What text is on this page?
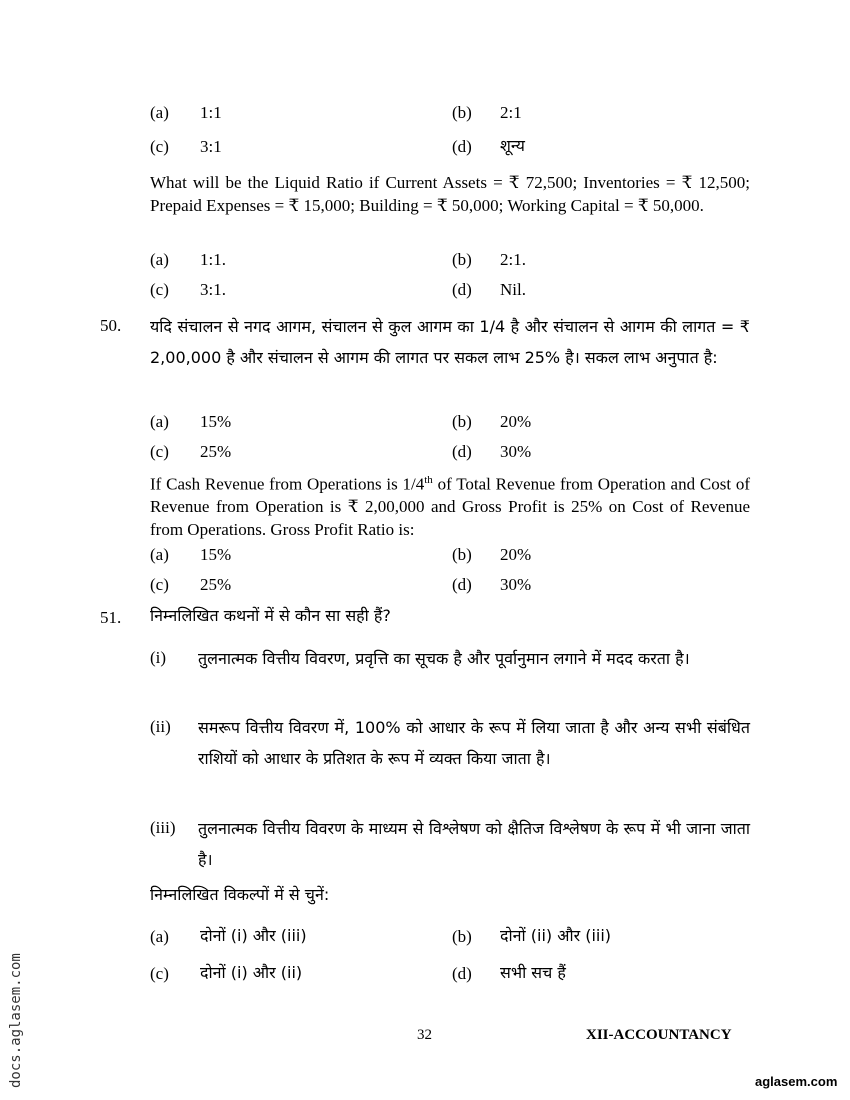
(a) 1:1	(b) 2:1
(c) 3:1	(d) शून्य
What will be the Liquid Ratio if Current Assets = ₹ 72,500; Inventories = ₹ 12,500; Prepaid Expenses = ₹ 15,000; Building = ₹ 50,000; Working Capital = ₹ 50,000.
(a) 1:1.	(b) 2:1.
(c) 3:1.	(d) Nil.
50. यदि संचालन से नगद आगम, संचालन से कुल आगम का 1/4 है और संचालन से आगम की लागत = ₹ 2,00,000 है और संचालन से आगम की लागत पर सकल लाभ 25% है। सकल लाभ अनुपात है:
(a) 15%	(b) 20%
(c) 25%	(d) 30%
If Cash Revenue from Operations is 1/4th of Total Revenue from Operation and Cost of Revenue from Operation is ₹ 2,00,000 and Gross Profit is 25% on Cost of Revenue from Operations. Gross Profit Ratio is:
(a) 15%	(b) 20%
(c) 25%	(d) 30%
51. निम्नलिखित कथनों में से कौन सा सही हैं?
(i) तुलनात्मक वित्तीय विवरण, प्रवृत्ति का सूचक है और पूर्वानुमान लगाने में मदद करता है।
(ii) समरूप वित्तीय विवरण में, 100% को आधार के रूप में लिया जाता है और अन्य सभी संबंधित राशियों को आधार के प्रतिशत के रूप में व्यक्त किया जाता है।
(iii) तुलनात्मक वित्तीय विवरण के माध्यम से विश्लेषण को क्षैतिज विश्लेषण के रूप में भी जाना जाता है।
निम्नलिखित विकल्पों में से चुनें:
(a) दोनों (i) और (iii)	(b) दोनों (ii) और (iii)
(c) दोनों (i) और (ii)	(d) सभी सच हैं
32	XII-ACCOUNTANCY
docs.aglasem.com	aglasem.com
